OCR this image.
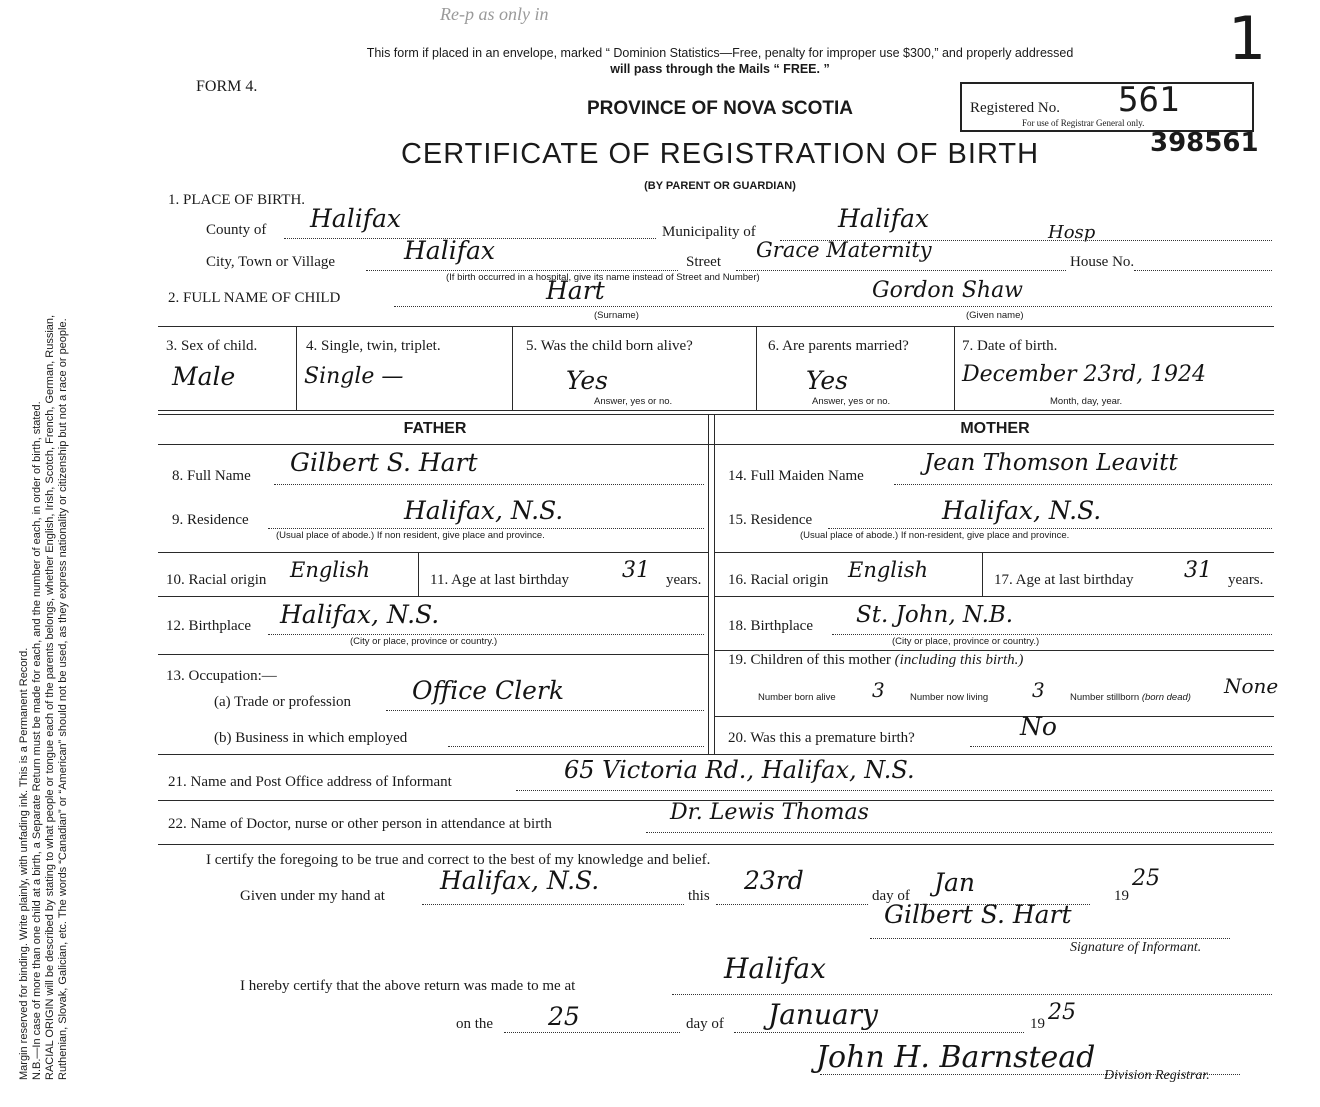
Margin reserved for binding. Write plainly, with unfading ink. This is a Permanent Record. N.B.—In case of more than one child at a birth, a Separate Return must be made for each, and the number of each, in order of birth, stated. RACIAL ORIGIN will be described by stating to what people or tongue each of the parents belongs, whether English, Irish, Scotch, French, German, Russian, Ruthenian, Slovak, Galician, etc. The words “Canadian” or “American” should not be used, as they express nationality or citizenship but not a race or people.

Re-p as only in	1
This form if placed in an envelope, marked “ Dominion Statistics—Free, penalty for improper use $300,” and properly addressed
will pass through the Mails “ FREE. ”
FORM 4.
PROVINCE OF NOVA SCOTIA	Registered No. 561
For use of Registrar General only.
398561
CERTIFICATE OF REGISTRATION OF BIRTH
(BY PARENT OR GUARDIAN)
1. PLACE OF BIRTH.
County of Halifax	Municipality of	Halifax	Hosp
City, Town or Village	Halifax	Street Grace Maternity	House No.
(If birth occurred in a hospital, give its name instead of Street and Number)
2. FULL NAME OF CHILD	Hart	Gordon Shaw
(Surname)	(Given name)
3. Sex of child.
Male
4. Single, twin, triplet.
Single —
5. Was the child born alive?
Yes
Answer, yes or no.
6. Are parents married?
Yes
Answer, yes or no.
7. Date of birth.
December 23rd, 1924
Month, day, year.
FATHER	MOTHER
8. Full Name Gilbert S. Hart
9. Residence	Halifax, N.S.
(Usual place of abode.) If non resident, give place and province.
10. Racial origin English	11. Age at last birthday 31 years.
12. Birthplace Halifax, N.S.
(City or place, province or country.)
13. Occupation:—
(a) Trade or profession Office Clerk
(b) Business in which employed
14. Full Maiden Name	Jean Thomson Leavitt
15. Residence	Halifax, N.S.
(Usual place of abode.) If non-resident, give place and province.
16. Racial origin English	17. Age at last birthday 31 years.
18. Birthplace St. John, N.B.
(City or place, province or country.)
19. Children of this mother (including this birth.)
Number born alive 3	Number now living 3	Number stillborn (born dead) None
20. Was this a premature birth?	No
21. Name and Post Office address of Informant	65 Victoria Rd., Halifax, N.S.
22. Name of Doctor, nurse or other person in attendance at birth	Dr. Lewis Thomas
I certify the foregoing to be true and correct to the best of my knowledge and belief.
Given under my hand at
Halifax, N.S.
this
23rd
day of Jan	19
25
Gilbert S. Hart
Signature of Informant.
I hereby certify that the above return was made to me at
Halifax
on the 25	day of January	19 25
John H. Barnstead
Division Registrar.
